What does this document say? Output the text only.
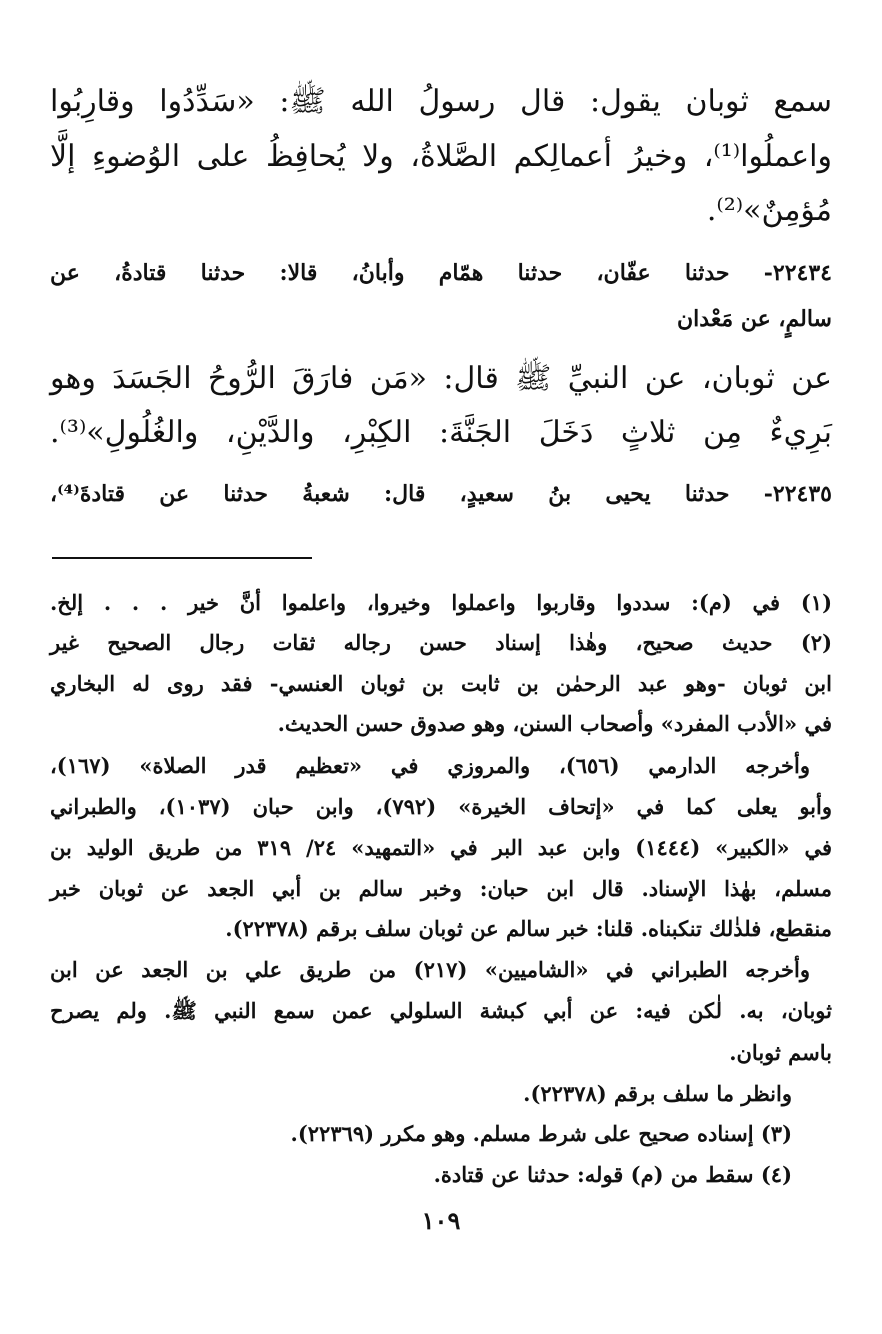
سمع ثوبان يقول: قال رسولُ الله ﷺ: «سَدِّدُوا وقارِبُوا
واعملُوا⁽¹⁾، وخيرُ أعمالِكم الصَّلاةُ، ولا يُحافِظُ على الوُضوءِ إلَّا
مُؤمِنٌ»⁽²⁾.
٢٢٤٣٤- حدثنا عفّان، حدثنا همّام وأبانُ، قالا: حدثنا قتادةُ، عن
سالمٍ، عن مَعْدان
عن ثوبان، عن النبيِّ ﷺ قال: «مَن فارَقَ الرُّوحُ الجَسَدَ وهو
بَرِيءٌ مِن ثلاثٍ دَخَلَ الجَنَّةَ: الكِبْرِ، والدَّيْنِ، والغُلُولِ»⁽³⁾.
٢٢٤٣٥- حدثنا يحيى بنُ سعيدٍ، قال: شعبةُ حدثنا عن قتادةَ⁽⁴⁾،
(١) في (م): سددوا وقاربوا واعملوا وخيروا، واعلموا أنَّ خير . . . إلخ.
(٢) حديث صحيح، وهٰذا إسناد حسن رجاله ثقات رجال الصحيح غير
ابن ثوبان -وهو عبد الرحمٰن بن ثابت بن ثوبان العنسي- فقد روى له البخاري
في «الأدب المفرد» وأصحاب السنن، وهو صدوق حسن الحديث.
وأخرجه الدارمي (٦٥٦)، والمروزي في «تعظيم قدر الصلاة» (١٦٧)،
وأبو يعلى كما في «إتحاف الخيرة» (٧٩٢)، وابن حبان (١٠٣٧)، والطبراني
في «الكبير» (١٤٤٤) وابن عبد البر في «التمهيد» ٢٤/ ٣١٩ من طريق الوليد بن
مسلم، بهٰذا الإسناد. قال ابن حبان: وخبر سالم بن أبي الجعد عن ثوبان خبر
منقطع، فلذٰلك تنكبناه. قلنا: خبر سالم عن ثوبان سلف برقم (٢٢٣٧٨).
وأخرجه الطبراني في «الشاميين» (٢١٧) من طريق علي بن الجعد عن ابن
ثوبان، به. لٰكن فيه: عن أبي كبشة السلولي عمن سمع النبي ﷺ. ولم يصرح
باسم ثوبان.
وانظر ما سلف برقم (٢٢٣٧٨).
(٣) إسناده صحيح على شرط مسلم. وهو مكرر (٢٢٣٦٩).
(٤) سقط من (م) قوله: حدثنا عن قتادة.
١٠٩
